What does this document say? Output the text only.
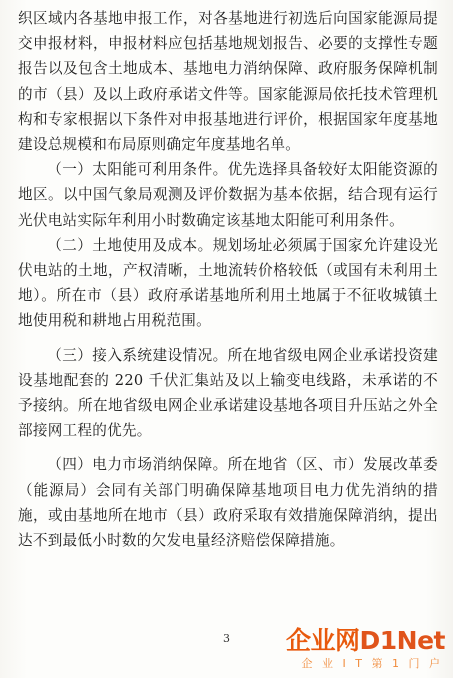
织区域内各基地申报工作，对各基地进行初选后向国家能源局提交申报材料，申报材料应包括基地规划报告、必要的支撑性专题报告以及包含土地成本、基地电力消纳保障、政府服务保障机制的市（县）及以上政府承诺文件等。国家能源局依托技术管理机构和专家根据以下条件对申报基地进行评价，根据国家年度基地建设总规模和布局原则确定年度基地名单。

（一）太阳能可利用条件。优先选择具备较好太阳能资源的地区。以中国气象局观测及评价数据为基本依据，结合现有运行光伏电站实际年利用小时数确定该基地太阳能可利用条件。

（二）土地使用及成本。规划场址必须属于国家允许建设光伏电站的土地，产权清晰，土地流转价格较低（或国有未利用土地）。所在市（县）政府承诺基地所利用土地属于不征收城镇土地使用税和耕地占用税范围。

（三）接入系统建设情况。所在地省级电网企业承诺投资建设基地配套的 220 千伏汇集站及以上输变电线路，未承诺的不予接纳。所在地省级电网企业承诺建设基地各项目升压站之外全部接网工程的优先。

（四）电力市场消纳保障。所在地省（区、市）发展改革委（能源局）会同有关部门明确保障基地项目电力优先消纳的措施，或由基地所在地市（县）政府采取有效措施保障消纳，提出达不到最低小时数的欠发电量经济赔偿保障措施。

3	企业网D1Net
企 业 I T 第 1 门 户
